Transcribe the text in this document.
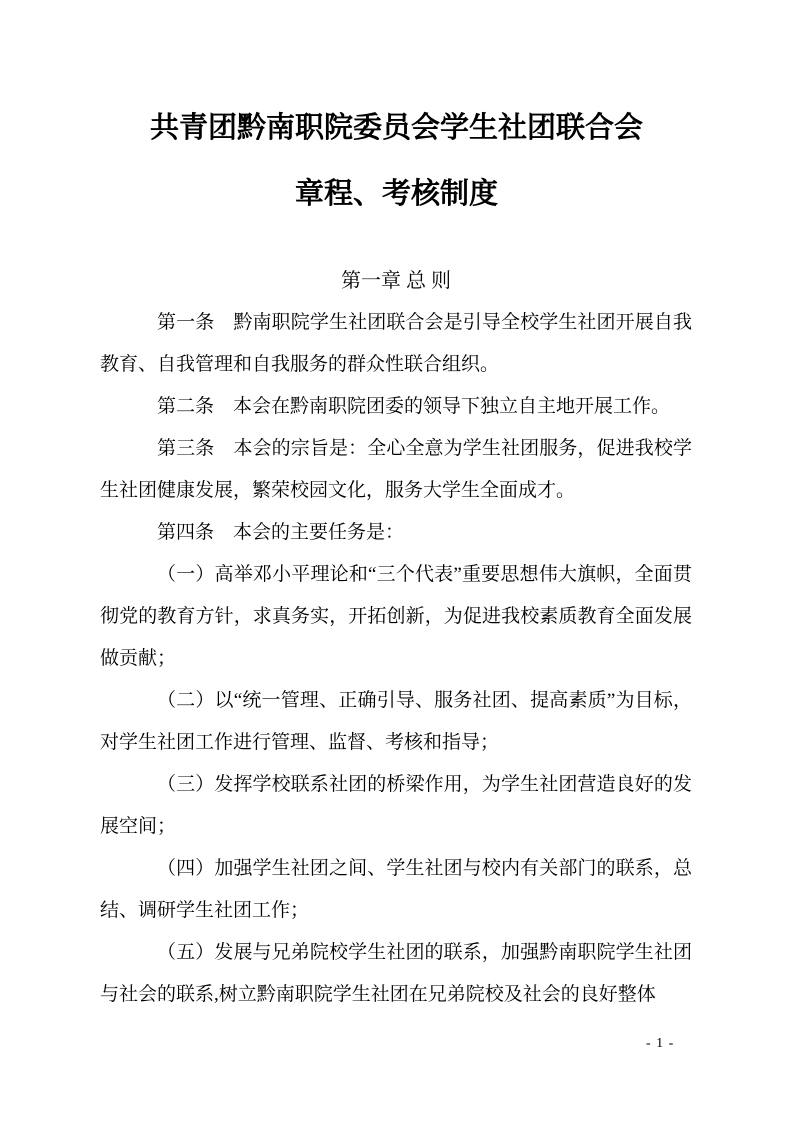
共青团黔南职院委员会学生社团联合会
章程、考核制度
第一章 总 则

第一条　黔南职院学生社团联合会是引导全校学生社团开展自我教育、自我管理和自我服务的群众性联合组织。

第二条　本会在黔南职院团委的领导下独立自主地开展工作。

第三条　本会的宗旨是：全心全意为学生社团服务，促进我校学生社团健康发展，繁荣校园文化，服务大学生全面成才。

第四条　本会的主要任务是：

（一）高举邓小平理论和“三个代表”重要思想伟大旗帜，全面贯彻党的教育方针，求真务实，开拓创新，为促进我校素质教育全面发展做贡献；

（二）以“统一管理、正确引导、服务社团、提高素质”为目标，对学生社团工作进行管理、监督、考核和指导；

（三）发挥学校联系社团的桥梁作用，为学生社团营造良好的发展空间；

（四）加强学生社团之间、学生社团与校内有关部门的联系，总结、调研学生社团工作；

（五）发展与兄弟院校学生社团的联系，加强黔南职院学生社团与社会的联系,树立黔南职院学生社团在兄弟院校及社会的良好整体

- 1 -
